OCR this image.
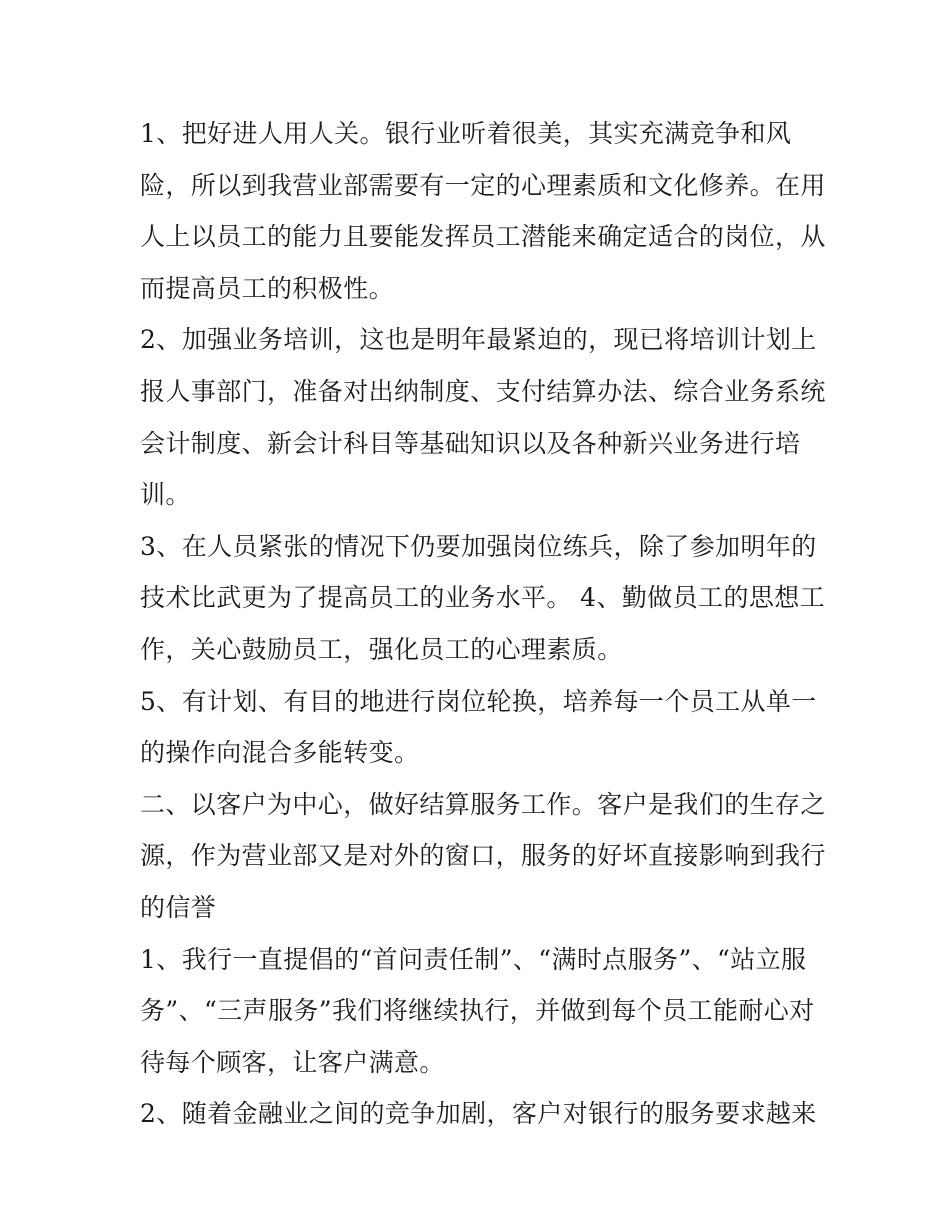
1、把好进人用人关。银行业听着很美，其实充满竞争和风
险，所以到我营业部需要有一定的心理素质和文化修养。在用
人上以员工的能力且要能发挥员工潜能来确定适合的岗位，从
而提高员工的积极性。
2、加强业务培训，这也是明年最紧迫的，现已将培训计划上
报人事部门，准备对出纳制度、支付结算办法、综合业务系统
会计制度、新会计科目等基础知识以及各种新兴业务进行培
训。
3、在人员紧张的情况下仍要加强岗位练兵，除了参加明年的
技术比武更为了提高员工的业务水平。 4、勤做员工的思想工
作，关心鼓励员工，强化员工的心理素质。
5、有计划、有目的地进行岗位轮换，培养每一个员工从单一
的操作向混合多能转变。
二、以客户为中心，做好结算服务工作。客户是我们的生存之
源，作为营业部又是对外的窗口，服务的好坏直接影响到我行
的信誉
1、我行一直提倡的“首问责任制”、“满时点服务”、“站立服
务”、“三声服务”我们将继续执行，并做到每个员工能耐心对
待每个顾客，让客户满意。
2、随着金融业之间的竞争加剧，客户对银行的服务要求越来
